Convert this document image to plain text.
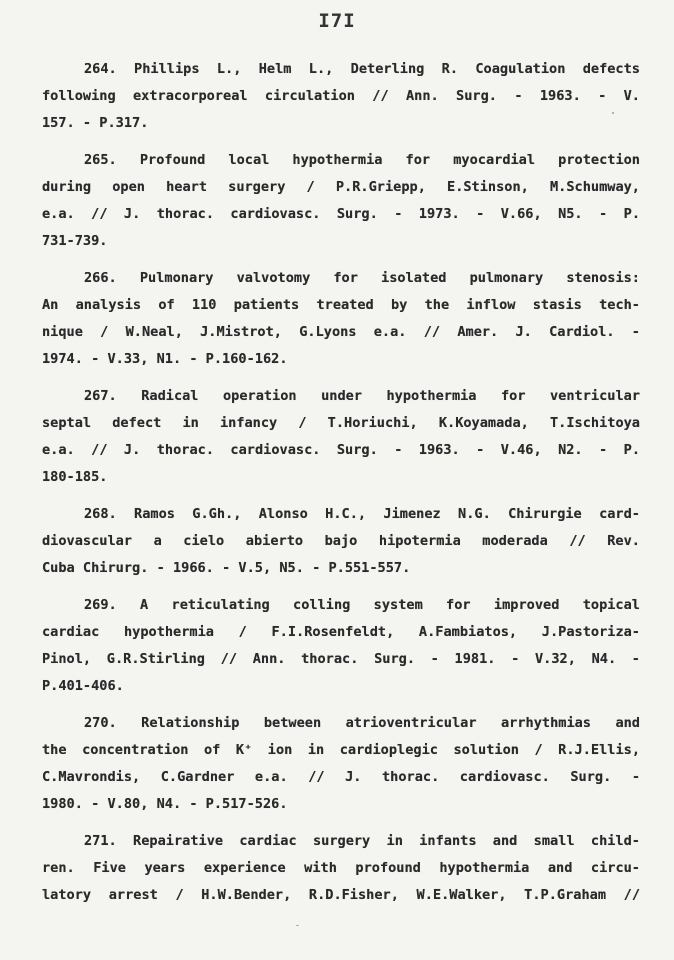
I7I
264. Phillips L., Helm L., Deterling R. Coagulation defects
following extracorporeal circulation // Ann. Surg. - 1963. - V.
157. - P.317.
265. Profound local hypothermia for myocardial protection
during open heart surgery / P.R.Griepp, E.Stinson, M.Schumway,
e.a. // J. thorac. cardiovasc. Surg. - 1973. - V.66, N5. - P.
731-739.
266. Pulmonary valvotomy for isolated pulmonary stenosis:
An analysis of 110 patients treated by the inflow stasis tech-
nique / W.Neal, J.Mistrot, G.Lyons e.a. // Amer. J. Cardiol. -
1974. - V.33, N1. - P.160-162.
267. Radical operation under hypothermia for ventricular
septal defect in infancy / T.Horiuchi, K.Koyamada, T.Ischitoya
e.a. // J. thorac. cardiovasc. Surg. - 1963. - V.46, N2. - P.
180-185.
268. Ramos G.Gh., Alonso H.C., Jimenez N.G. Chirurgie card-
diovascular a cielo abierto bajo hipotermia moderada // Rev.
Cuba Chirurg. - 1966. - V.5, N5. - P.551-557.
269. A reticulating colling system for improved topical
cardiac hypothermia / F.I.Rosenfeldt, A.Fambiatos, J.Pastoriza-
Pinol, G.R.Stirling // Ann. thorac. Surg. - 1981. - V.32, N4. -
P.401-406.
270. Relationship between atrioventricular arrhythmias and
the concentration of K⁺ ion in cardioplegic solution / R.J.Ellis,
C.Mavrondis, C.Gardner e.a. // J. thorac. cardiovasc. Surg. -
1980. - V.80, N4. - P.517-526.
271. Repairative cardiac surgery in infants and small child-
ren. Five years experience with profound hypothermia and circu-
latory arrest / H.W.Bender, R.D.Fisher, W.E.Walker, T.P.Graham //
